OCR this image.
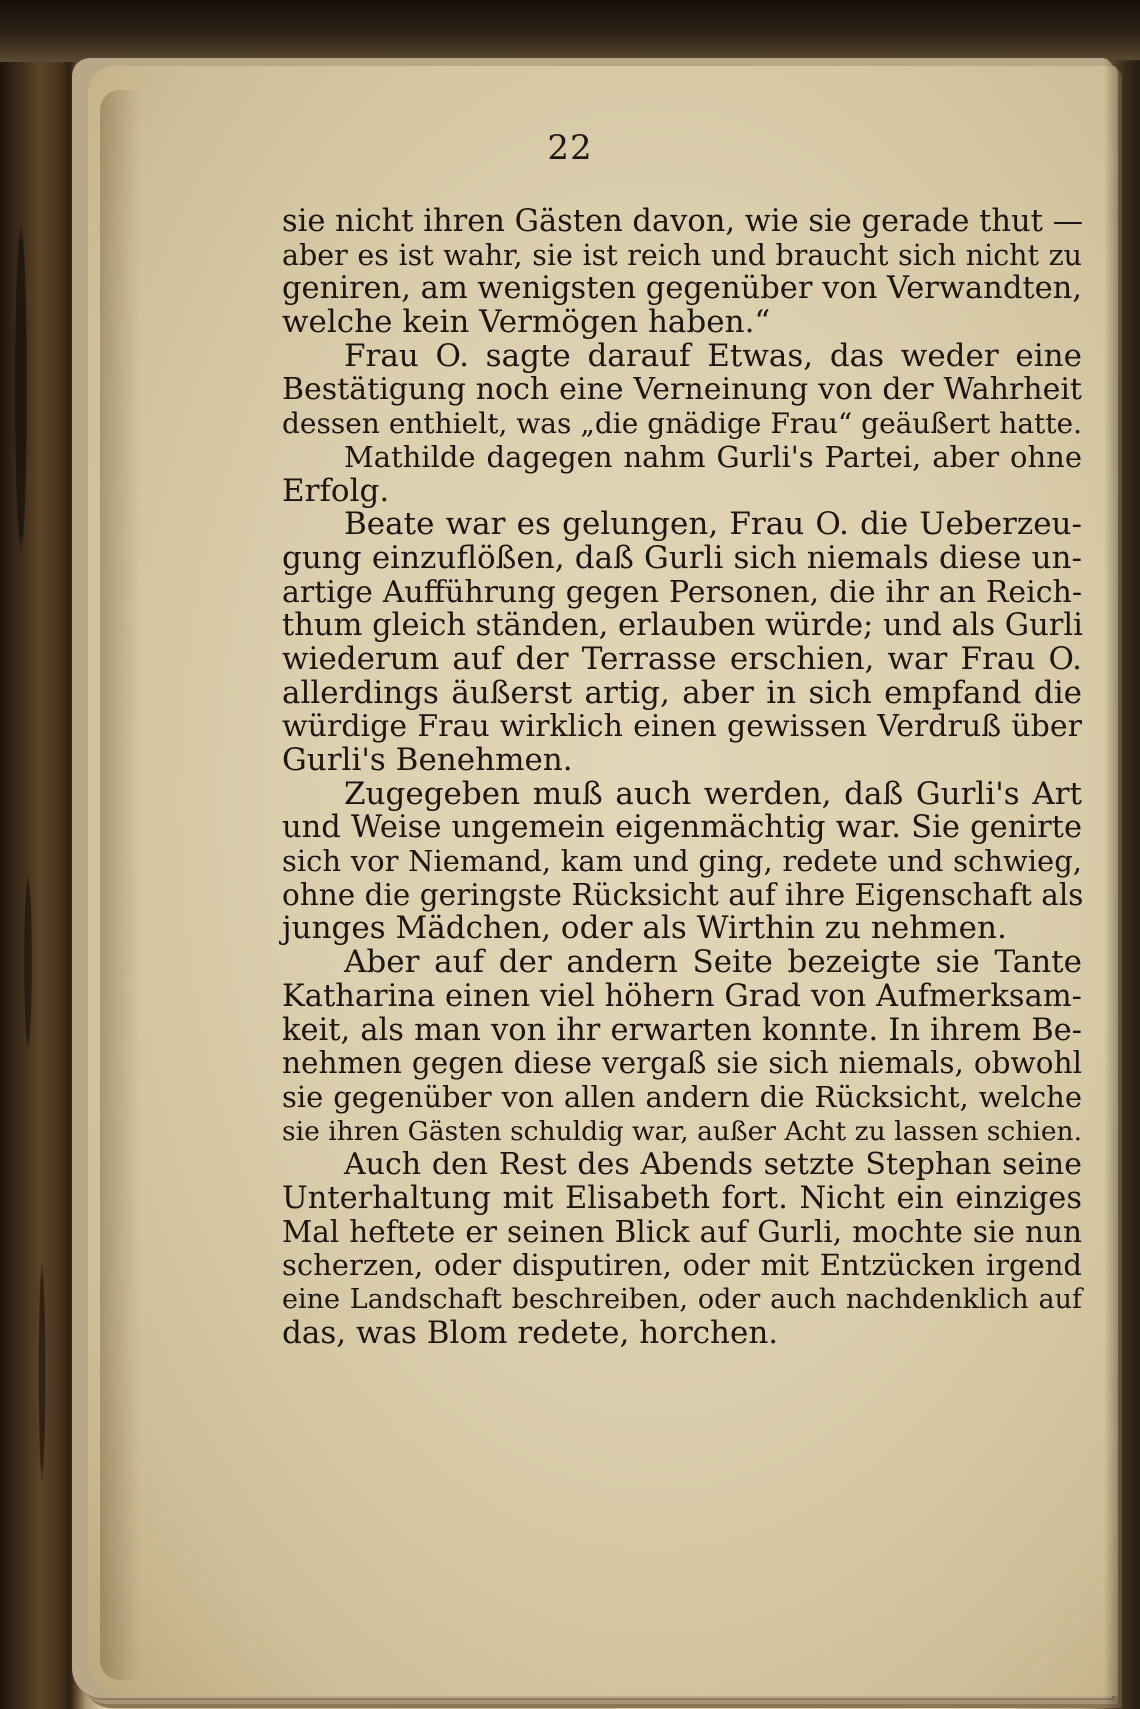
22
sie nicht ihren Gästen davon, wie sie gerade thut —
aber es ist wahr, sie ist reich und braucht sich nicht zu
geniren, am wenigsten gegenüber von Verwandten,
welche kein Vermögen haben.“
Frau O. sagte darauf Etwas, das weder eine
Bestätigung noch eine Verneinung von der Wahrheit
dessen enthielt, was „die gnädige Frau“ geäußert hatte.
Mathilde dagegen nahm Gurli's Partei, aber ohne
Erfolg.
Beate war es gelungen, Frau O. die Ueberzeu-
gung einzuflößen, daß Gurli sich niemals diese un-
artige Aufführung gegen Personen, die ihr an Reich-
thum gleich ständen, erlauben würde; und als Gurli
wiederum auf der Terrasse erschien, war Frau O.
allerdings äußerst artig, aber in sich empfand die
würdige Frau wirklich einen gewissen Verdruß über
Gurli's Benehmen.
Zugegeben muß auch werden, daß Gurli's Art
und Weise ungemein eigenmächtig war. Sie genirte
sich vor Niemand, kam und ging, redete und schwieg,
ohne die geringste Rücksicht auf ihre Eigenschaft als
junges Mädchen, oder als Wirthin zu nehmen.
Aber auf der andern Seite bezeigte sie Tante
Katharina einen viel höhern Grad von Aufmerksam-
keit, als man von ihr erwarten konnte. In ihrem Be-
nehmen gegen diese vergaß sie sich niemals, obwohl
sie gegenüber von allen andern die Rücksicht, welche
sie ihren Gästen schuldig war, außer Acht zu lassen schien.
Auch den Rest des Abends setzte Stephan seine
Unterhaltung mit Elisabeth fort. Nicht ein einziges
Mal heftete er seinen Blick auf Gurli, mochte sie nun
scherzen, oder disputiren, oder mit Entzücken irgend
eine Landschaft beschreiben, oder auch nachdenklich auf
das, was Blom redete, horchen.
